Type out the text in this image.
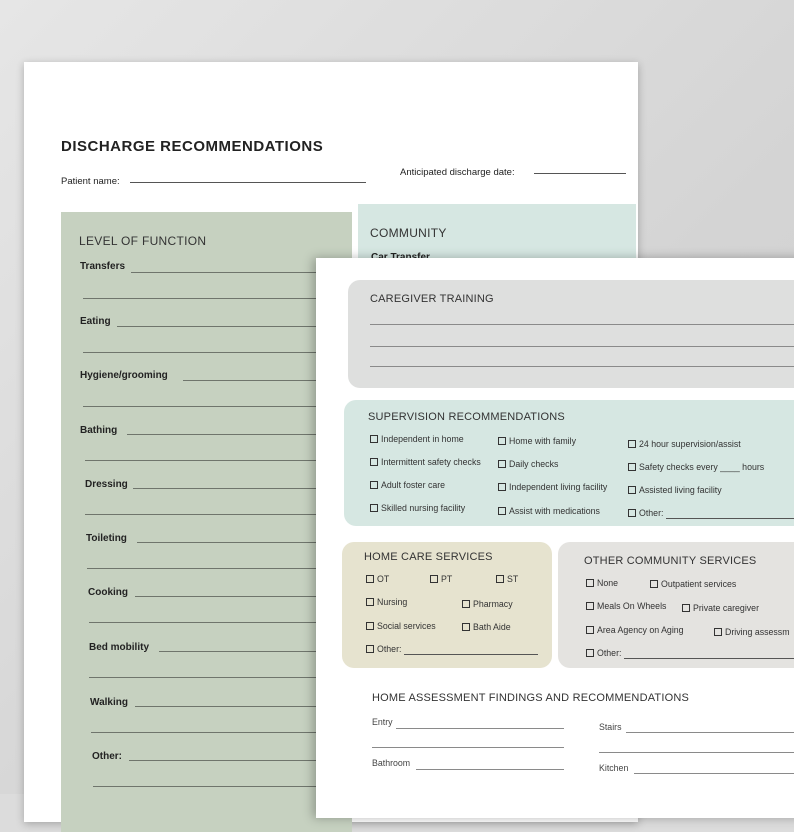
DISCHARGE RECOMMENDATIONS
Patient name:
Anticipated discharge date:
LEVEL OF FUNCTION
Transfers
Eating
Hygiene/grooming
Bathing
Dressing
Toileting
Cooking
Bed mobility
Walking
Other:
COMMUNITY
CAREGIVER TRAINING
SUPERVISION RECOMMENDATIONS
Independent in home	Home with family	24 hour supervision/assist
Intermittent safety checks	Daily checks	Safety checks every ____ hours
Adult foster care	Independent living facility	Assisted living facility
Skilled nursing facility	Assist with medications	Other:
HOME CARE SERVICES
OT	PT	ST
Nursing	Pharmacy
Social services	Bath Aide
Other:
OTHER COMMUNITY SERVICES
None	Outpatient services
Meals On Wheels	Private caregiver
Area Agency on Aging	Driving assessm
Other:
HOME ASSESSMENT FINDINGS AND RECOMMENDATIONS
Entry
Bathroom
Stairs
Kitchen
